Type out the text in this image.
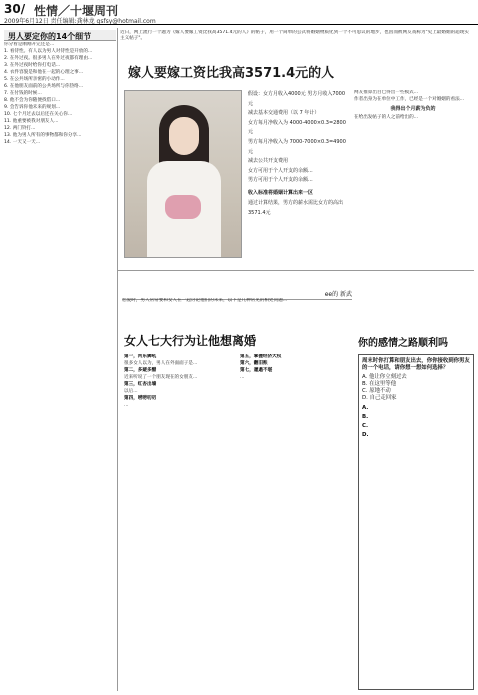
30/ 性情／十堰周刊
2009年6月12日 责任编辑:龚林龙 gsfsy@hotmail.com
男人要定你的14个细节

你分看是刚刚开完还是...

1. 看待性。有人以为男人对待性是开放的...

2. 在外过夜。很多男人在外过夜都有理由...

3. 在外过夜时给你打电话...

4. 衣件容貌是和他在一起的心理之事...

5. 在公共场所亲密的小动作...

6. 在他朋友面前的公共场所与你热络...

7. 在付钱的时候...

8. 他不会为你随便找借口...

9. 会告诉你他未来的规划...

10. 七个月过去以后还在关心你...

11. 他重要被我对朋友人...

12. 两门铃打...

13. 他为男人所有的事物都和你分享...

14. 一天又一天...

近日，网上流行一个题为《嫁人要嫁工资比我高3571.4元的人》的帖子，用一个简单的公式将婚姻物质化到一个不可思议的地步，也因而被网友戏称为"史上最婚姻的超现实主义帖子"。
嫁人要嫁工资比我高3571.4元的人
假设：女方月收入4000元 男方月收入7000元
减去基本交通费用（以 7 年计）
女方每月净收入为 4000-4000×0.3=2800元
男方每月净收入为 7000-7000×0.3=4900元
减去公共开支费用
女方可用于个人开支的余额...
男方可用于个人开支的余额...
收入标准将婚姻计算出来一区
通过计算结果，男方的薪水需比女方的高出3571.4元

网友推算出目已得出一些模式...

作者出身为在单位中工作，已经是一个对婚姻的看法...

我得出个月薪为负的

在给出发帖子的人之前给出的...

ee的 新武
恋爱时，男人常常要和女人在一起讨论他们的未来，以下是几种常见的相处问题...
女人七大行为让他想离婚	你的感情之路顺利吗

第一，河东狮吼

很多女人以为，男人在外面面子是...

第二，多疑多醋

近来听说了一个朋友现在的女朋友...

第三，红杏出墙

以后...

第四，唠唠叨叨

...

第五，掌握经济大权

第六，翻旧账

第七，邋遢不堪

...

周末时你打算和朋友出去，你你接收到你男友的一个电话，请你想一想如何选择？
A. 他让你立刻过去
B. 在这里等他
C. 原地不动
D. 自己走回家
A.
B.
C.
D.
